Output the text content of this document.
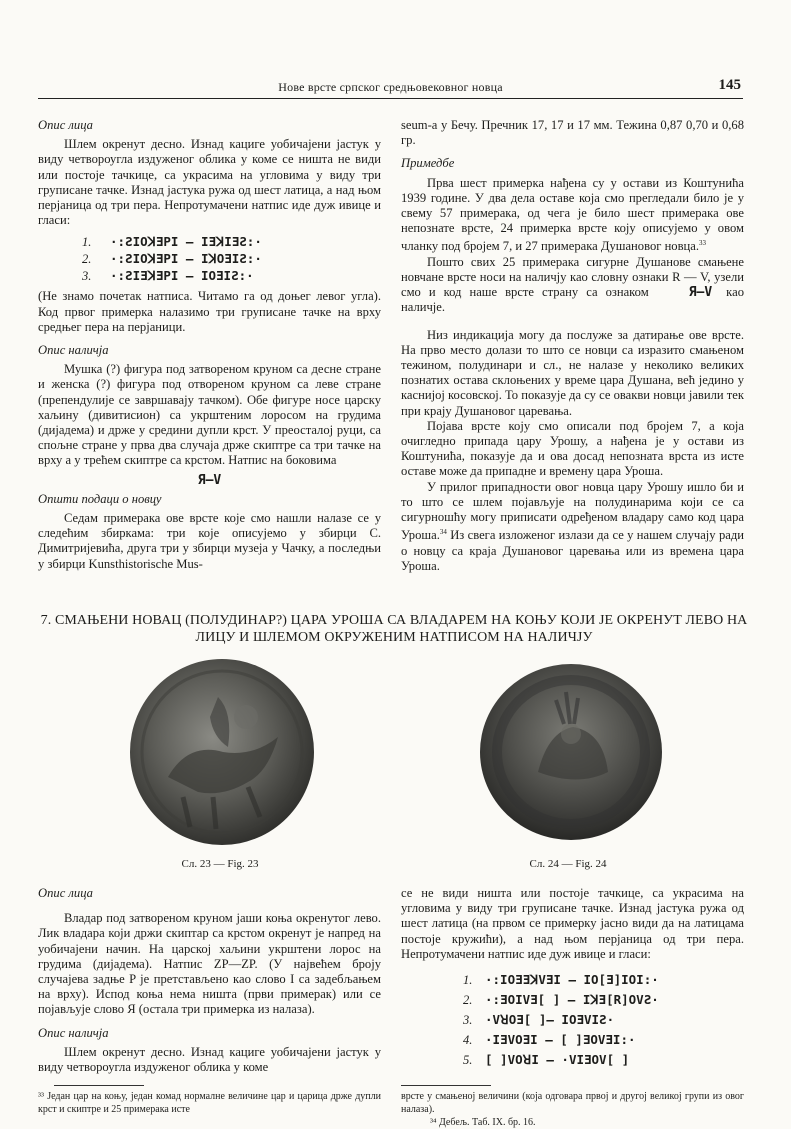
Нове врсте српског средњовековног новца	145
Опис лица

Шлем окренут десно. Изнад кациге уобичајени јастук у виду четвороугла издуженог облика у коме се ништа не види или постоје тачкице, са украсима на угловима у виду три груписане тачке. Изнад јастука ружа од шест латица, а над њом перјаница од три пера. Непротумачени натпис иде дуж ивице и гласи:

1. ·:ƧIOꓘƎPI — IƎꓘIƎƧ:·
2. ·:ƧIOꓘƎPI — IꓘOƎIƧ:·
3. ·:ƧIƎꓘƎPI — IOƎIƧ:·

(Не знамо почетак натписа. Читамо га од доњег левог угла). Код првог примерка налазимо три груписане тачке на врху средњег пера на перјаници.

Опис наличја

Мушка (?) фигура под затвореном круном са десне стране и женска (?) фигура под отвореном круном са леве стране (препендулије се завршавају тачком). Обе фигуре носе царску хаљину (дивитисион) са укрштеним лоросом на грудима (дијадема) и држе у средини дупли крст. У преосталој руци, са спољне стране у прва два случаја држе скиптре са три тачке на врху а у трећем скиптре са крстом. Натпис на боковима

Я—V
Општи подаци о новцу

Седам примерака ове врсте које смо нашли налазе се у следећим збиркама: три које описујемо у збирци С. Димитријевића, друга три у збирци музеја у Чачку, а последњи у збирци Kunsthistorische Mus-

seum-а у Бечу. Пречник 17, 17 и 17 мм. Тежина 0,87 0,70 и 0,68 гр.

Примедбе

Прва шест примерка нађена су у остави из Коштунића 1939 године. У два дела оставе која смо прегледали било је у свему 57 примерака, од чега је било шест примерака ове непознате врсте, 24 примерка врсте коју описујемо у овом чланку под бројем 7, и 27 примерака Душановог новца.$^{33}$

Пошто свих 25 примерака сигурне Душанове смањене новчане врсте носи на наличју као словну ознаки R — V, узели смо и код наше врсте страну са ознаком	Я—V као наличје.

Низ индикација могу да послуже за датирање ове врсте. На прво место долази то што се новци са изразито смањеном тежином, полудинари и сл., не налазе у неколико великих познатих остава склоњених у време цара Душана, већ једино у каснијој косовској. То показује да су се овакви новци јавили тек при крају Душановог царевања.

Појава врсте коју смо описали под бројем 7, а која очигледно припада цару Урошу, а нађена је у остави из Коштунића, показује да и ова досад непозната врста из исте оставе може да припадне и времену цара Уроша.

У прилог припадности овог новца цару Урошу ишло би и то што се шлем појављује на полудинарима који се са сигурношћу могу приписати одређеном владару само код цара Уроша.$^{34}$ Из свега изложеног излази да се у нашем случају ради о новцу са краја Душановог царевања или из времена цара Уроша.

7. СМАЊЕНИ НОВАЦ (ПОЛУДИНАР?) ЦАРА УРОША СА ВЛАДАРЕМ НА КОЊУ КОЈИ ЈЕ ОКРЕНУТ ЛЕВО НА ЛИЦУ И ШЛЕМОМ ОКРУЖЕНИМ НАТПИСОМ НА НАЛИЧЈУ
Сл. 23 — Fig. 23	Сл. 24 — Fig. 24
Опис лица

Владар под затвореном круном јаши коња окренутог лево. Лик владара који држи скиптар са крстом окренут је напред на уобичајени начин. На царској хаљини укрштени лорос на грудима (дијадема). Натпис ZP—ZP. (У највећем броју случајева задње P је претстављено као слово I са задебљањем на врху). Испод коња нема ништа (први примерак) или се појављује слово Я (остала три примерка из налаза).

Опис наличја

Шлем окренут десно. Изнад кациге уобичајени јастук у виду четвороугла издуженог облика у коме

се не види ништа или постоје тачкице, са украсима на угловима у виду три груписане тачке. Изнад јастука ружа од шест латица (на првом се примерку јасно види да на латицама постоје кружићи), а над њом перјаница од три пера. Непротумачени натпис иде дуж ивице и гласи:

1. ·:IOƎƎꓘVƎI — IO[Ǝ]IOI:·
2. ·:ƎOIVƎ[ ] — IꓘƎ[R]OVƧ·
3. ·VꓤOƎ[ ]— IOƎVIƧ·
4. ·IƎVOƎI — [ ]ƎOVƎI:·
5. [ ]VOꓤI — ·VIƎOV[ ]
³³ Један цар на коњу, један комад нормалне величине цар и царица држе дупли крст и скиптре и 25 примерака исте
врсте у смањеној величини (која одговара првој и другој великој групи из овог налаза).
³⁴ Дебељ. Таб. IX. бр. 16.
